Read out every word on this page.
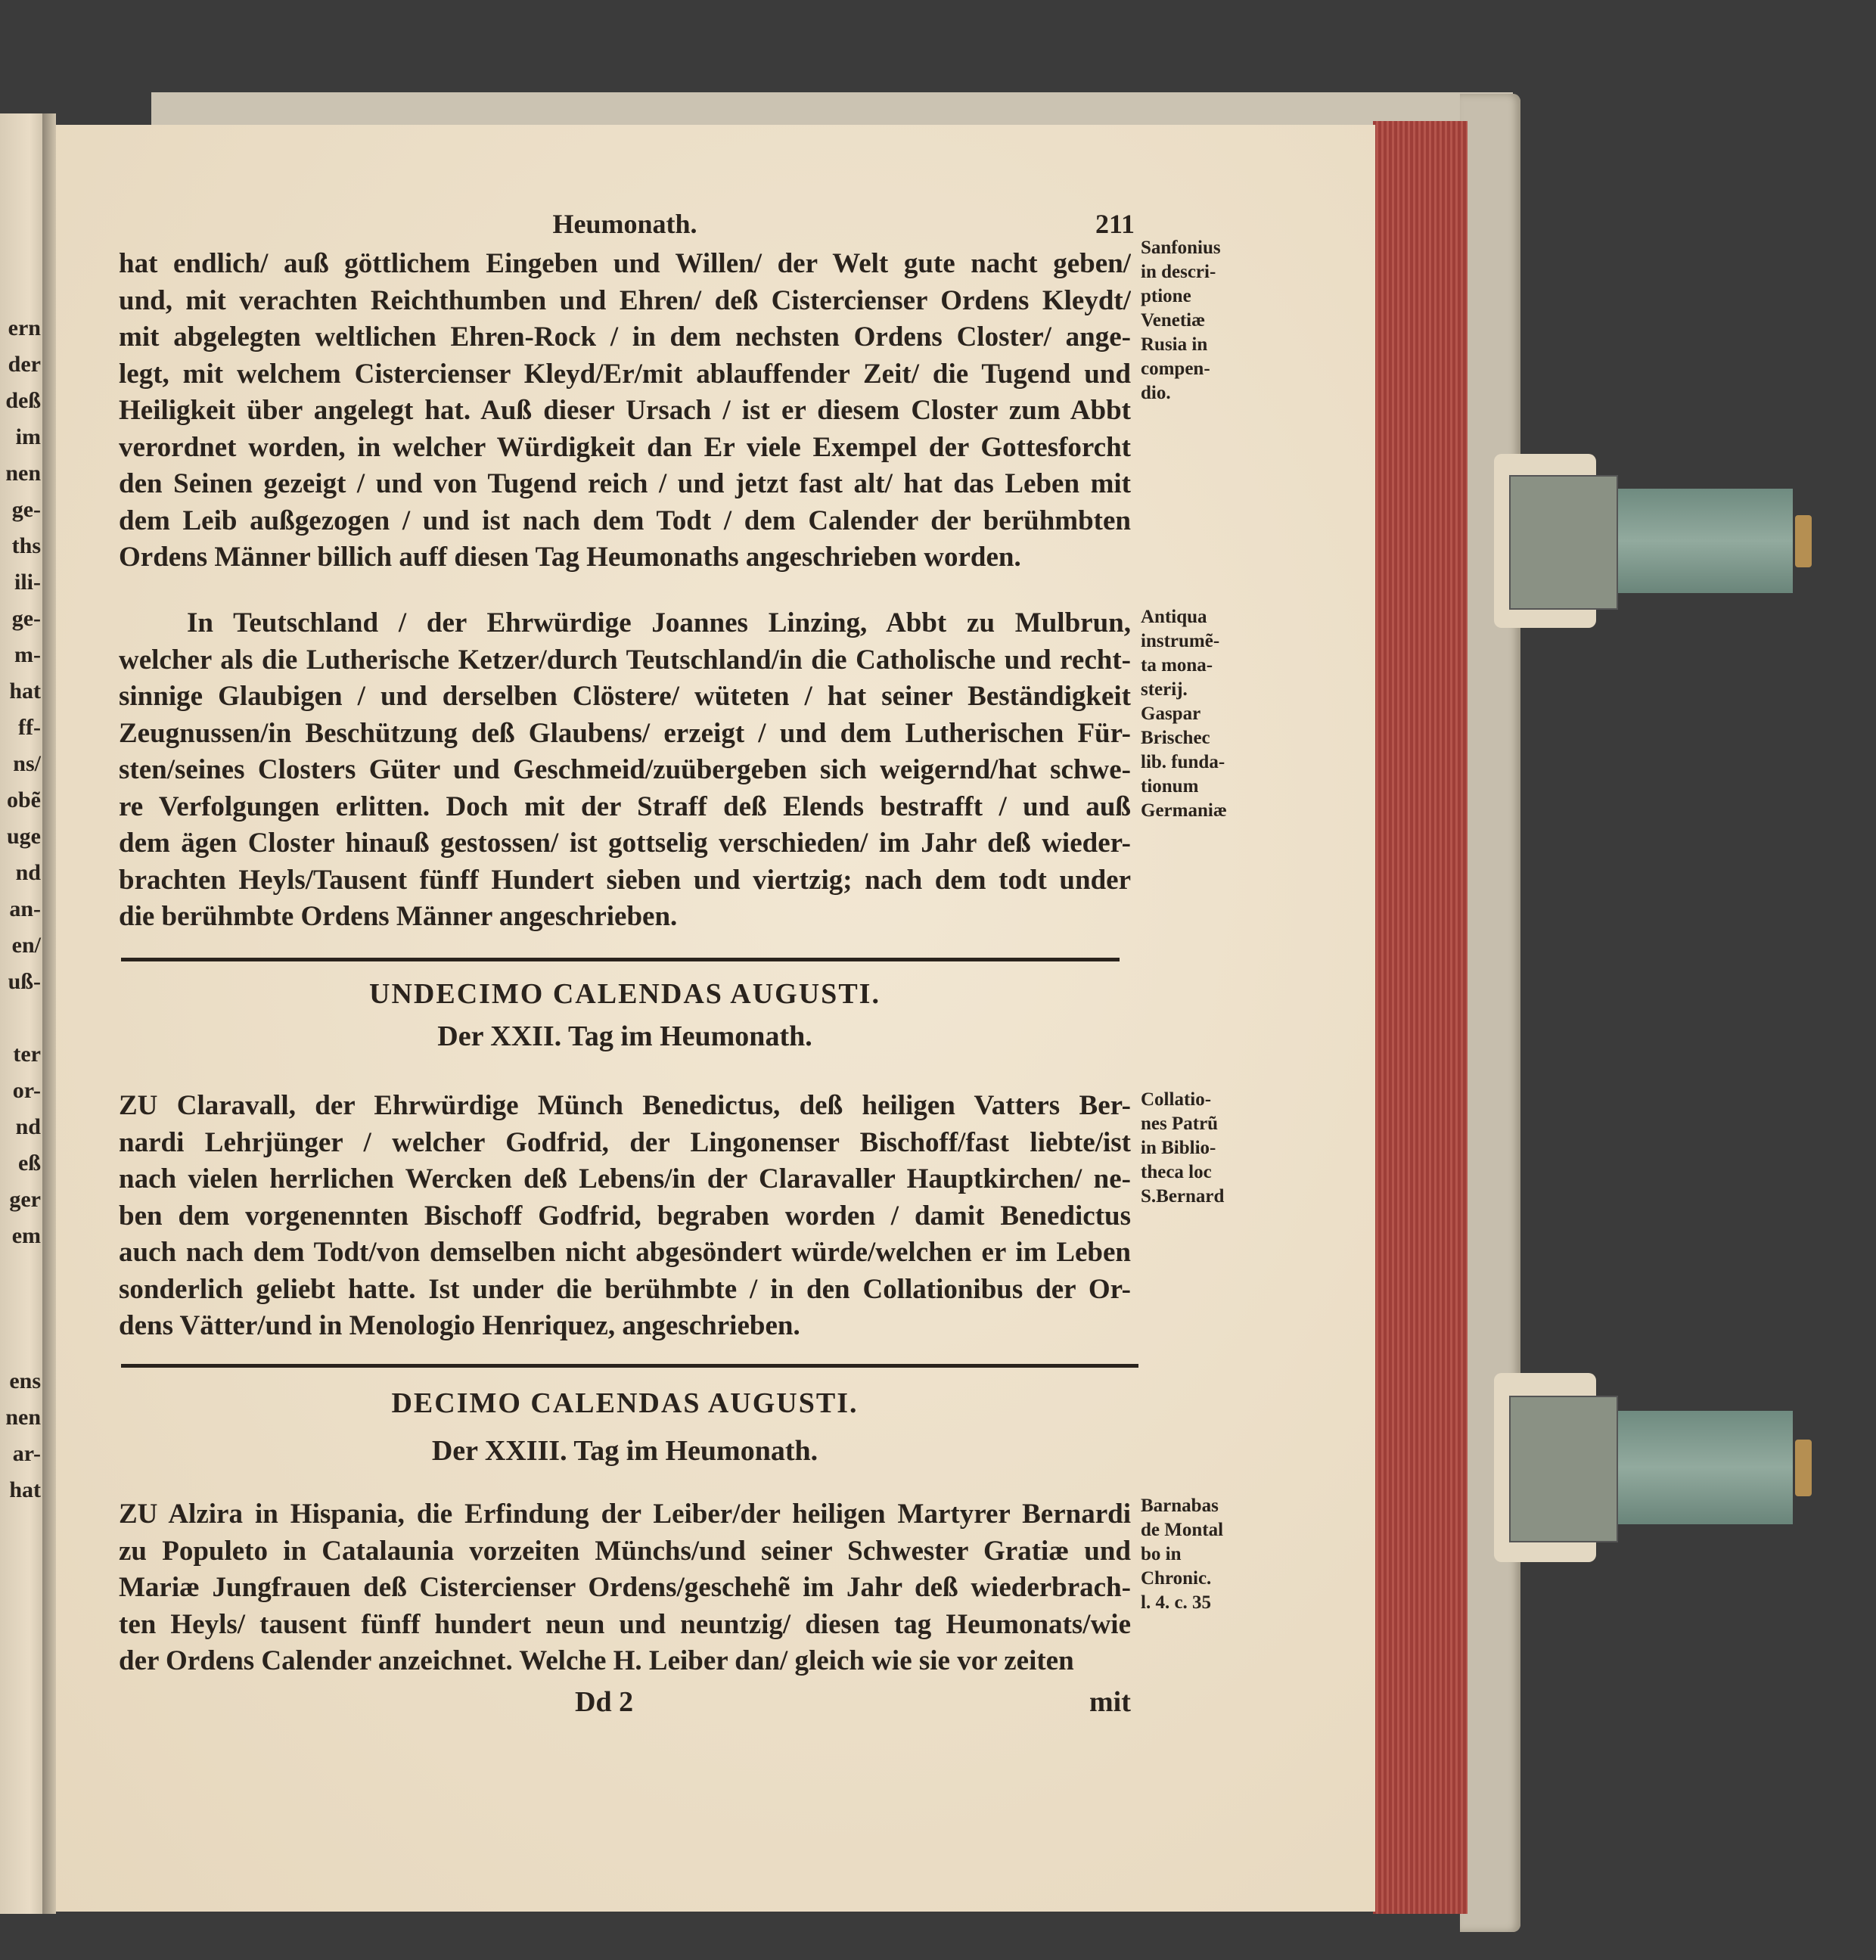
ern
der
deß
im
nen
ge-
ths
ili-
ge-
m-
hat
ff-
ns/
obẽ
uge
nd
an-
en/
uß-
ter
or-
nd
eß
ger
em
ens
nen
ar-
hat
Heumonath.	211
hat endlich/ auß göttlichem Eingeben und Willen/ der Welt gute nacht geben/
und, mit verachten Reichthumben und Ehren/ deß Cistercienser Ordens Kleydt/
mit abgelegten weltlichen Ehren-Rock / in dem nechsten Ordens Closter/ ange-
legt, mit welchem Cistercienser Kleyd/Er/mit ablauffender Zeit/ die Tugend und
Heiligkeit über angelegt hat. Auß dieser Ursach / ist er diesem Closter zum Abbt
verordnet worden, in welcher Würdigkeit dan Er viele Exempel der Gottesforcht
den Seinen gezeigt / und von Tugend reich / und jetzt fast alt/ hat das Leben mit
dem Leib außgezogen / und ist nach dem Todt / dem Calender der berühmbten
Ordens Männer billich auff diesen Tag Heumonaths angeschrieben worden.
In Teutschland / der Ehrwürdige Joannes Linzing, Abbt zu Mulbrun,
welcher als die Lutherische Ketzer/durch Teutschland/in die Catholische und recht-
sinnige Glaubigen / und derselben Clöstere/ wüteten / hat seiner Beständigkeit
Zeugnussen/in Beschützung deß Glaubens/ erzeigt / und dem Lutherischen Für-
sten/seines Closters Güter und Geschmeid/zuübergeben sich weigernd/hat schwe-
re Verfolgungen erlitten. Doch mit der Straff deß Elends bestrafft / und auß
dem ägen Closter hinauß gestossen/ ist gottselig verschieden/ im Jahr deß wieder-
brachten Heyls/Tausent fünff Hundert sieben und viertzig; nach dem todt under
die berühmbte Ordens Männer angeschrieben.
UNDECIMO CALENDAS AUGUSTI.
Der XXII. Tag im Heumonath.
ZU Claravall, der Ehrwürdige Münch Benedictus, deß heiligen Vatters Ber-
nardi Lehrjünger / welcher Godfrid, der Lingonenser Bischoff/fast liebte/ist
nach vielen herrlichen Wercken deß Lebens/in der Claravaller Hauptkirchen/ ne-
ben dem vorgenennten Bischoff Godfrid, begraben worden / damit Benedictus
auch nach dem Todt/von demselben nicht abgesöndert würde/welchen er im Leben
sonderlich geliebt hatte. Ist under die berühmbte / in den Collationibus der Or-
dens Vätter/und in Menologio Henriquez, angeschrieben.
DECIMO CALENDAS AUGUSTI.
Der XXIII. Tag im Heumonath.
ZU Alzira in Hispania, die Erfindung der Leiber/der heiligen Martyrer Bernardi
zu Populeto in Catalaunia vorzeiten Münchs/und seiner Schwester Gratiæ und
Mariæ Jungfrauen deß Cistercienser Ordens/geschehẽ im Jahr deß wiederbrach-
ten Heyls/ tausent fünff hundert neun und neuntzig/ diesen tag Heumonats/wie
der Ordens Calender anzeichnet. Welche H. Leiber dan/ gleich wie sie vor zeiten
Sanfonius
in descri-
ptione
Venetiæ
Rusia in
compen-
dio.
Antiqua
instrumẽ-
ta mona-
sterij.
Gaspar
Brischec
lib. funda-
tionum
Germaniæ
Collatio-
nes Patrũ
in Biblio-
theca loc
S.Bernard
Barnabas
de Montal
bo in
Chronic.
l. 4. c. 35
Dd 2	mit
